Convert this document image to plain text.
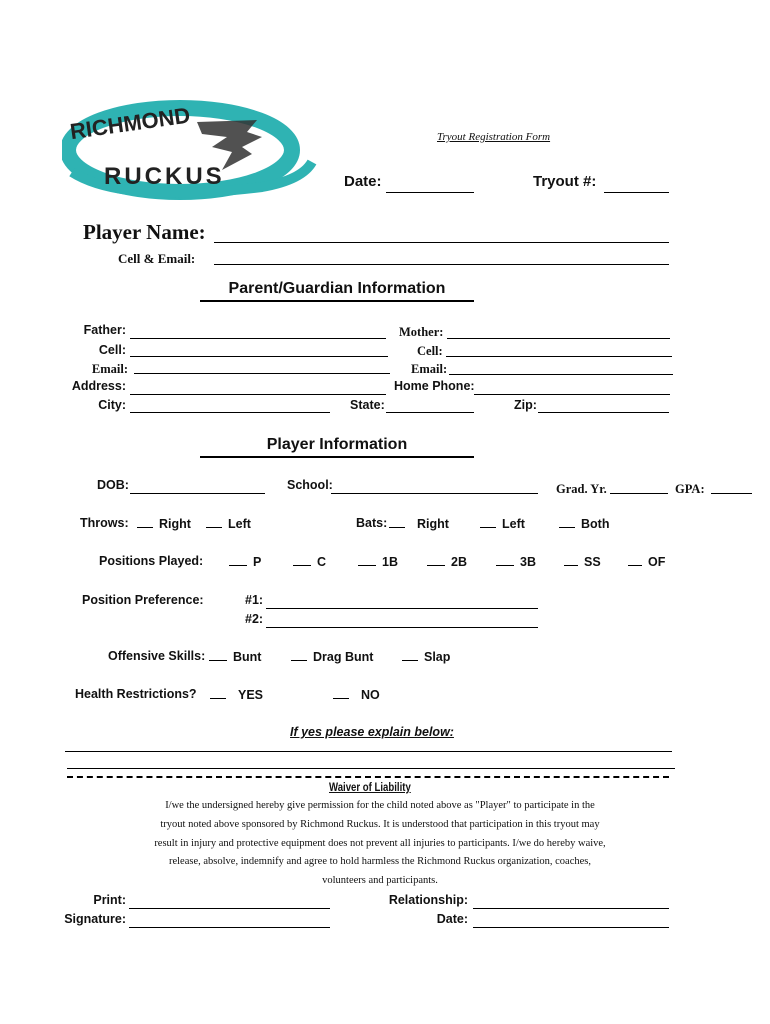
RICHMOND
RUCKUS
Tryout Registration Form
Date:	Tryout #:
Player Name:
Cell & Email:
Parent/Guardian Information
Father:
Cell:
Email:
Mother:
Cell:
Email:
Address:	Home Phone:
City:	State:	Zip:
Player Information
DOB:	School:	Grad. Yr.	GPA:
Throws:	Right	Left	Bats:	Right	Left	Both
Positions Played:	P	C	1B	2B	3B	SS	OF
Position Preference:	#1:
#2:
Offensive Skills:	Bunt	Drag Bunt	Slap
Health Restrictions?	YES	NO
If yes please explain below:
Waiver of Liability
I/we the undersigned hereby give permission for the child noted above as "Player" to participate in the
tryout noted above sponsored by Richmond Ruckus. It is understood that participation in this tryout may
result in injury and protective equipment does not prevent all injuries to participants. I/we do hereby waive,
release, absolve, indemnify and agree to hold harmless the Richmond Ruckus organization, coaches,
volunteers and participants.
Print:
Signature:
Relationship:
Date:
